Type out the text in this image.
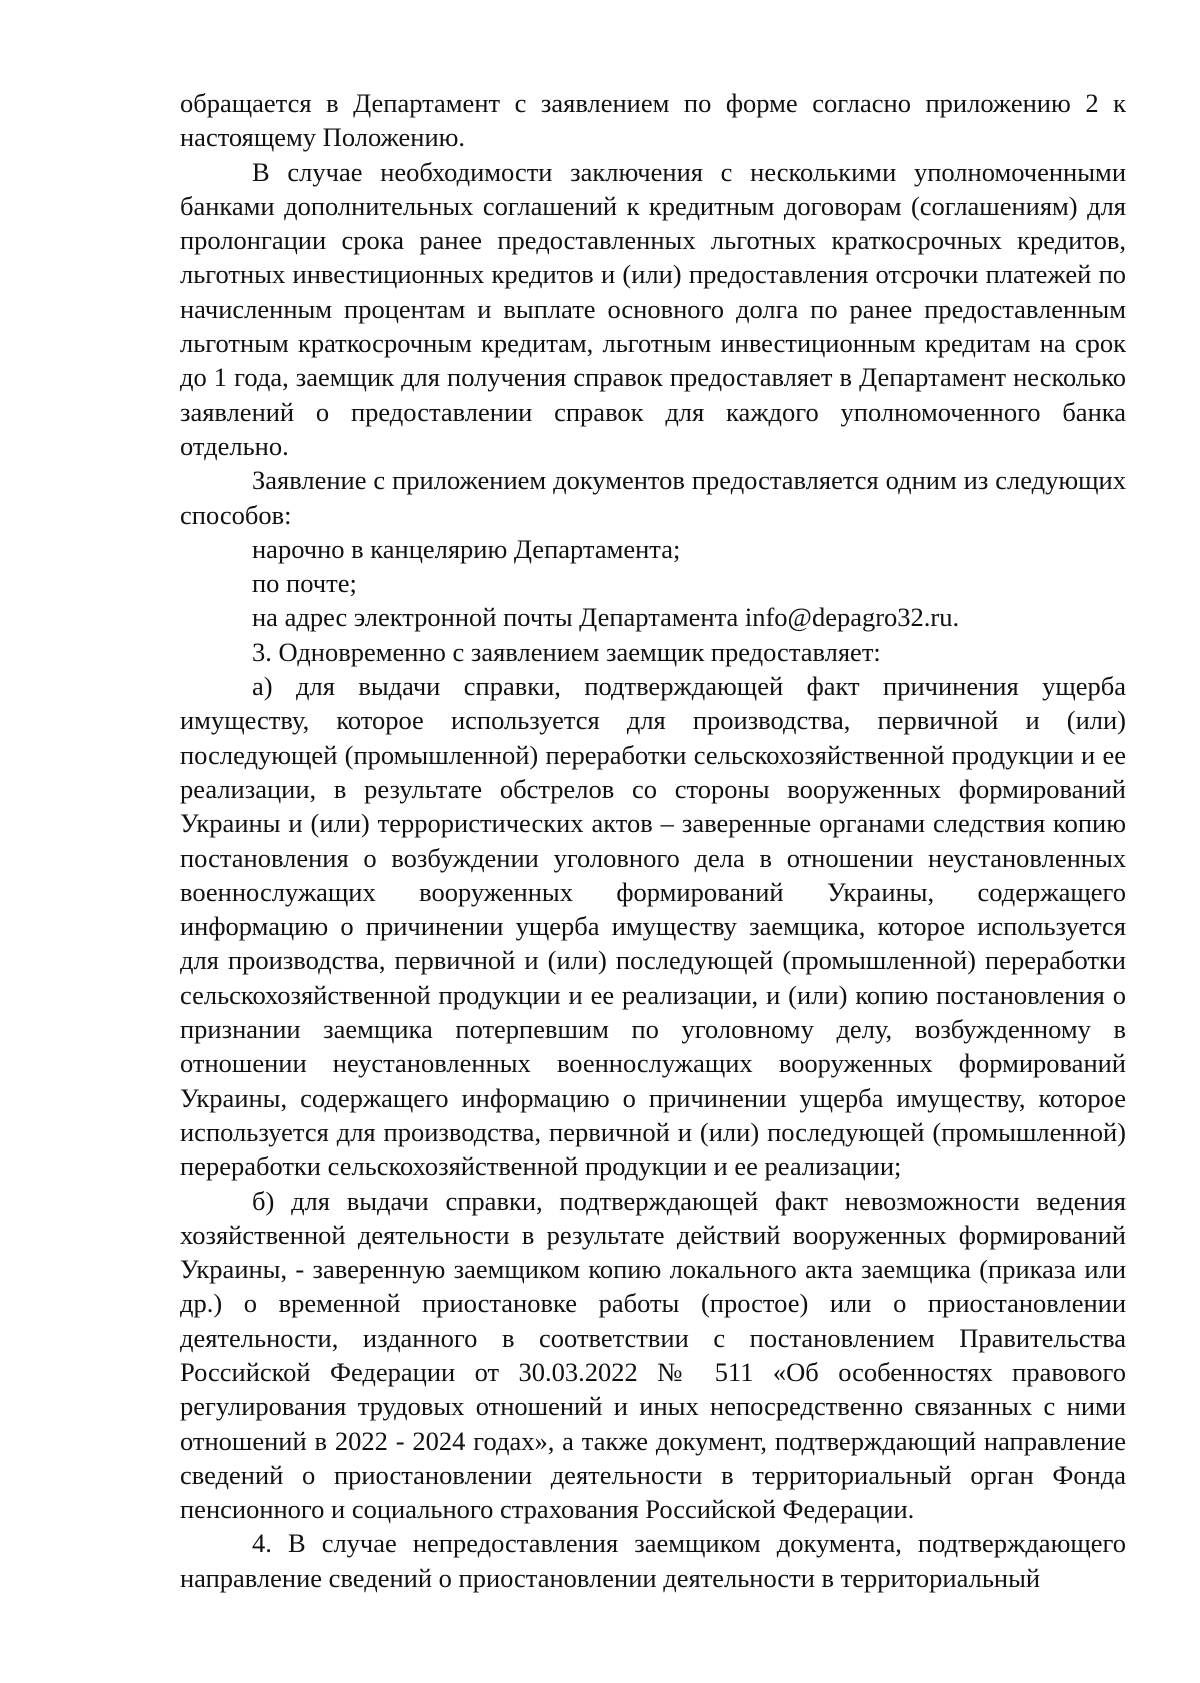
обращается в Департамент с заявлением по форме согласно приложению 2 к настоящему Положению.

В случае необходимости заключения с несколькими уполномоченными банками дополнительных соглашений к кредитным договорам (соглашениям) для пролонгации срока ранее предоставленных льготных краткосрочных кредитов, льготных инвестиционных кредитов и (или) предоставления отсрочки платежей по начисленным процентам и выплате основного долга по ранее предоставленным льготным краткосрочным кредитам, льготным инвестиционным кредитам на срок до 1 года, заемщик для получения справок предоставляет в Департамент несколько заявлений о предоставлении справок для каждого уполномоченного банка отдельно.

Заявление с приложением документов предоставляется одним из следующих способов:

нарочно в канцелярию Департамента;

по почте;

на адрес электронной почты Департамента info@depagro32.ru.

3. Одновременно с заявлением заемщик предоставляет:

а) для выдачи справки, подтверждающей факт причинения ущерба имуществу, которое используется для производства, первичной и (или) последующей (промышленной) переработки сельскохозяйственной продукции и ее реализации, в результате обстрелов со стороны вооруженных формирований Украины и (или) террористических актов – заверенные органами следствия копию постановления о возбуждении уголовного дела в отношении неустановленных военнослужащих вооруженных формирований Украины, содержащего информацию о причинении ущерба имуществу заемщика, которое используется для производства, первичной и (или) последующей (промышленной) переработки сельскохозяйственной продукции и ее реализации, и (или) копию постановления о признании заемщика потерпевшим по уголовному делу, возбужденному в отношении неустановленных военнослужащих вооруженных формирований Украины, содержащего информацию о причинении ущерба имуществу, которое используется для производства, первичной и (или) последующей (промышленной) переработки сельскохозяйственной продукции и ее реализации;

б) для выдачи справки, подтверждающей факт невозможности ведения хозяйственной деятельности в результате действий вооруженных формирований Украины, - заверенную заемщиком копию локального акта заемщика (приказа или др.) о временной приостановке работы (простое) или о приостановлении деятельности, изданного в соответствии с постановлением Правительства Российской Федерации от 30.03.2022 № 511 «Об особенностях правового регулирования трудовых отношений и иных непосредственно связанных с ними отношений в 2022 - 2024 годах», а также документ, подтверждающий направление сведений о приостановлении деятельности в территориальный орган Фонда пенсионного и социального страхования Российской Федерации.

4. В случае непредоставления заемщиком документа, подтверждающего направление сведений о приостановлении деятельности в территориальный
